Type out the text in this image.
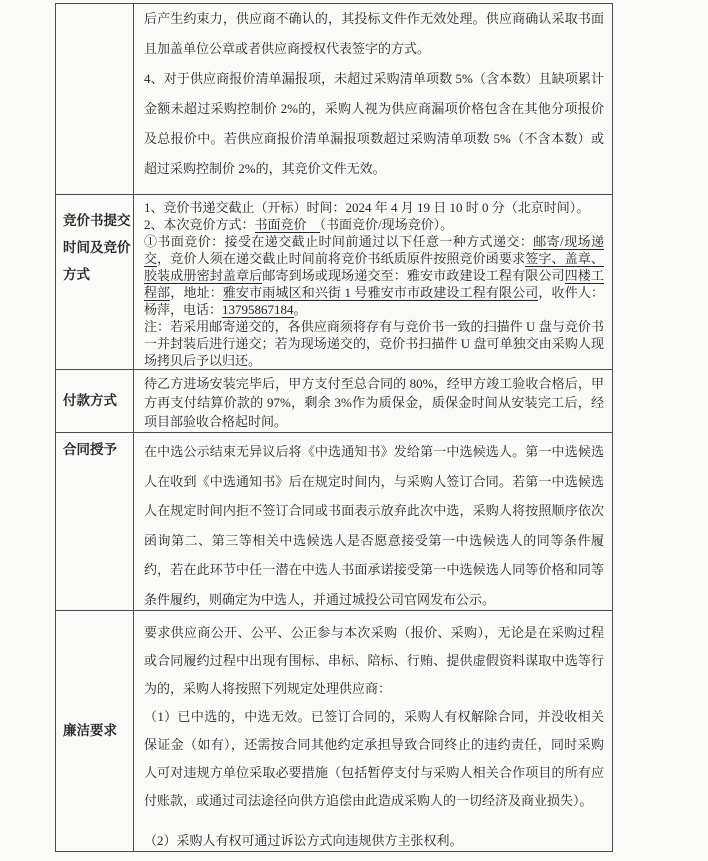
后产生约束力，供应商不确认的，其投标文件作无效处理。供应商确认采取书面且加盖单位公章或者供应商授权代表签字的方式。

4、对于供应商报价清单漏报项，未超过采购清单项数 5%（含本数）且缺项累计金额未超过采购控制价 2%的，采购人视为供应商漏项价格包含在其他分项报价及总报价中。若供应商报价清单漏报项数超过采购清单项数 5%（不含本数）或超过采购控制价 2%的，其竞价文件无效。

竞价书提交
时间及竞价
方式

1、竞价书递交截止（开标）时间：2024 年 4 月 19 日 10 时 0 分（北京时间）。

2、本次竞价方式：书面竞价　（书面竞价/现场竞价）。

①书面竞价：接受在递交截止时间前通过以下任意一种方式递交：邮寄/现场递交，竞价人须在递交截止时间前将竞价书纸质原件按照竞价函要求签字、盖章、胶装成册密封盖章后邮寄到场或现场递交至：雅安市政建设工程有限公司四楼工程部，地址：雅安市雨城区和兴街 1 号雅安市市政建设工程有限公司，收件人：杨萍，电话：13795867184。

注：若采用邮寄递交的，各供应商须将存有与竞价书一致的扫描件 U 盘与竞价书一并封装后进行递交；若为现场递交的，竞价书扫描件 U 盘可单独交由采购人现场拷贝后予以归还。

付款方式

待乙方进场安装完毕后，甲方支付至总合同的 80%，经甲方竣工验收合格后，甲方再支付结算价款的 97%，剩余 3%作为质保金，质保金时间从安装完工后，经项目部验收合格起时间。

合同授予	在中选公示结束无异议后将《中选通知书》发给第一中选候选人。第一中选候选人在收到《中选通知书》后在规定时间内，与采购人签订合同。若第一中选候选人在规定时间内拒不签订合同或书面表示放弃此次中选，采购人将按照顺序依次函询第二、第三等相关中选候选人是否愿意接受第一中选候选人的同等条件履约，若在此环节中任一潜在中选人书面承诺接受第一中选候选人同等价格和同等条件履约，则确定为中选人，并通过城投公司官网发布公示。

廉洁要求

要求供应商公开、公平、公正参与本次采购（报价、采购），无论是在采购过程或合同履约过程中出现有围标、串标、陪标、行贿、提供虚假资料谋取中选等行为的，采购人将按照下列规定处理供应商：

（1）已中选的，中选无效。已签订合同的，采购人有权解除合同，并没收相关保证金（如有），还需按合同其他约定承担导致合同终止的违约责任，同时采购人可对违规方单位采取必要措施（包括暂停支付与采购人相关合作项目的所有应付账款，或通过司法途径向供方追偿由此造成采购人的一切经济及商业损失）。

（2）采购人有权可通过诉讼方式向违规供方主张权利。
